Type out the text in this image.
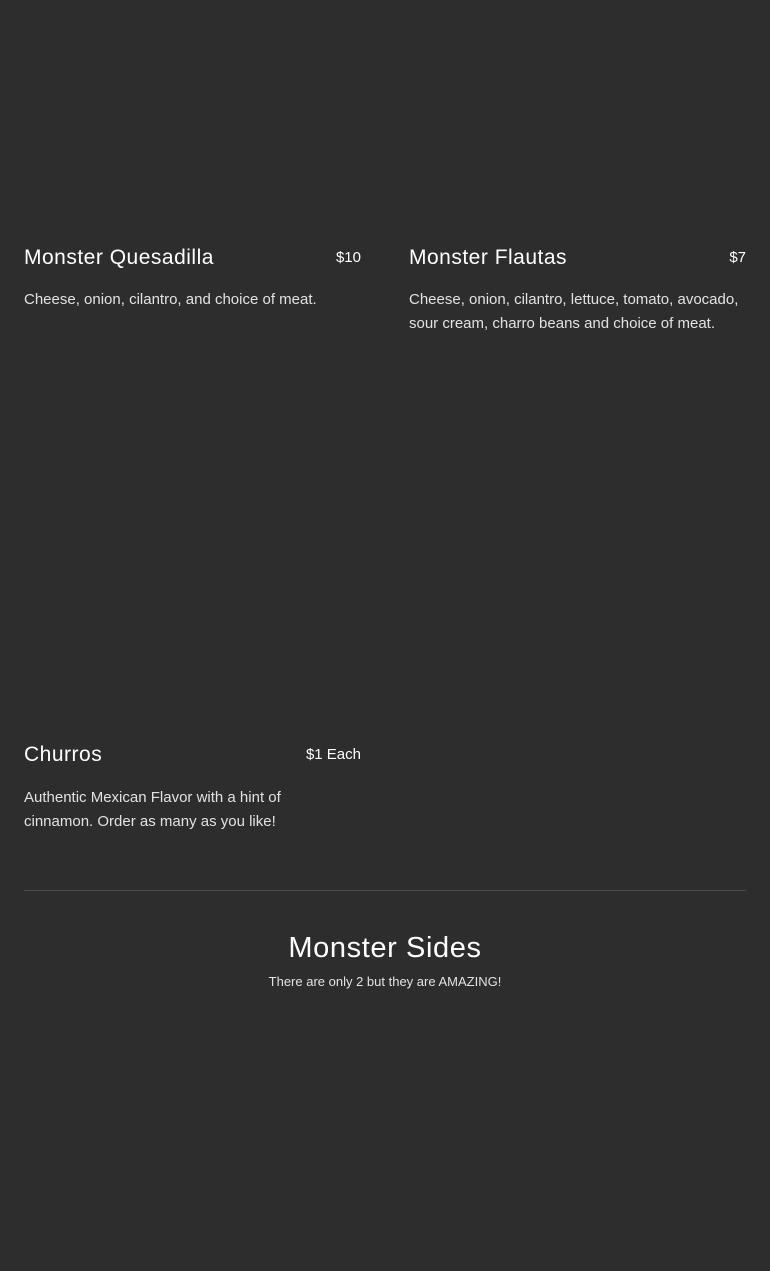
Monster Quesadilla	$10
Cheese, onion, cilantro, and choice of meat.
Monster Flautas	$7
Cheese, onion, cilantro, lettuce, tomato, avocado, sour cream, charro beans and choice of meat.
Churros	$1 Each
Authentic Mexican Flavor with a hint of cinnamon. Order as many as you like!
Monster Sides
There are only 2 but they are AMAZING!
